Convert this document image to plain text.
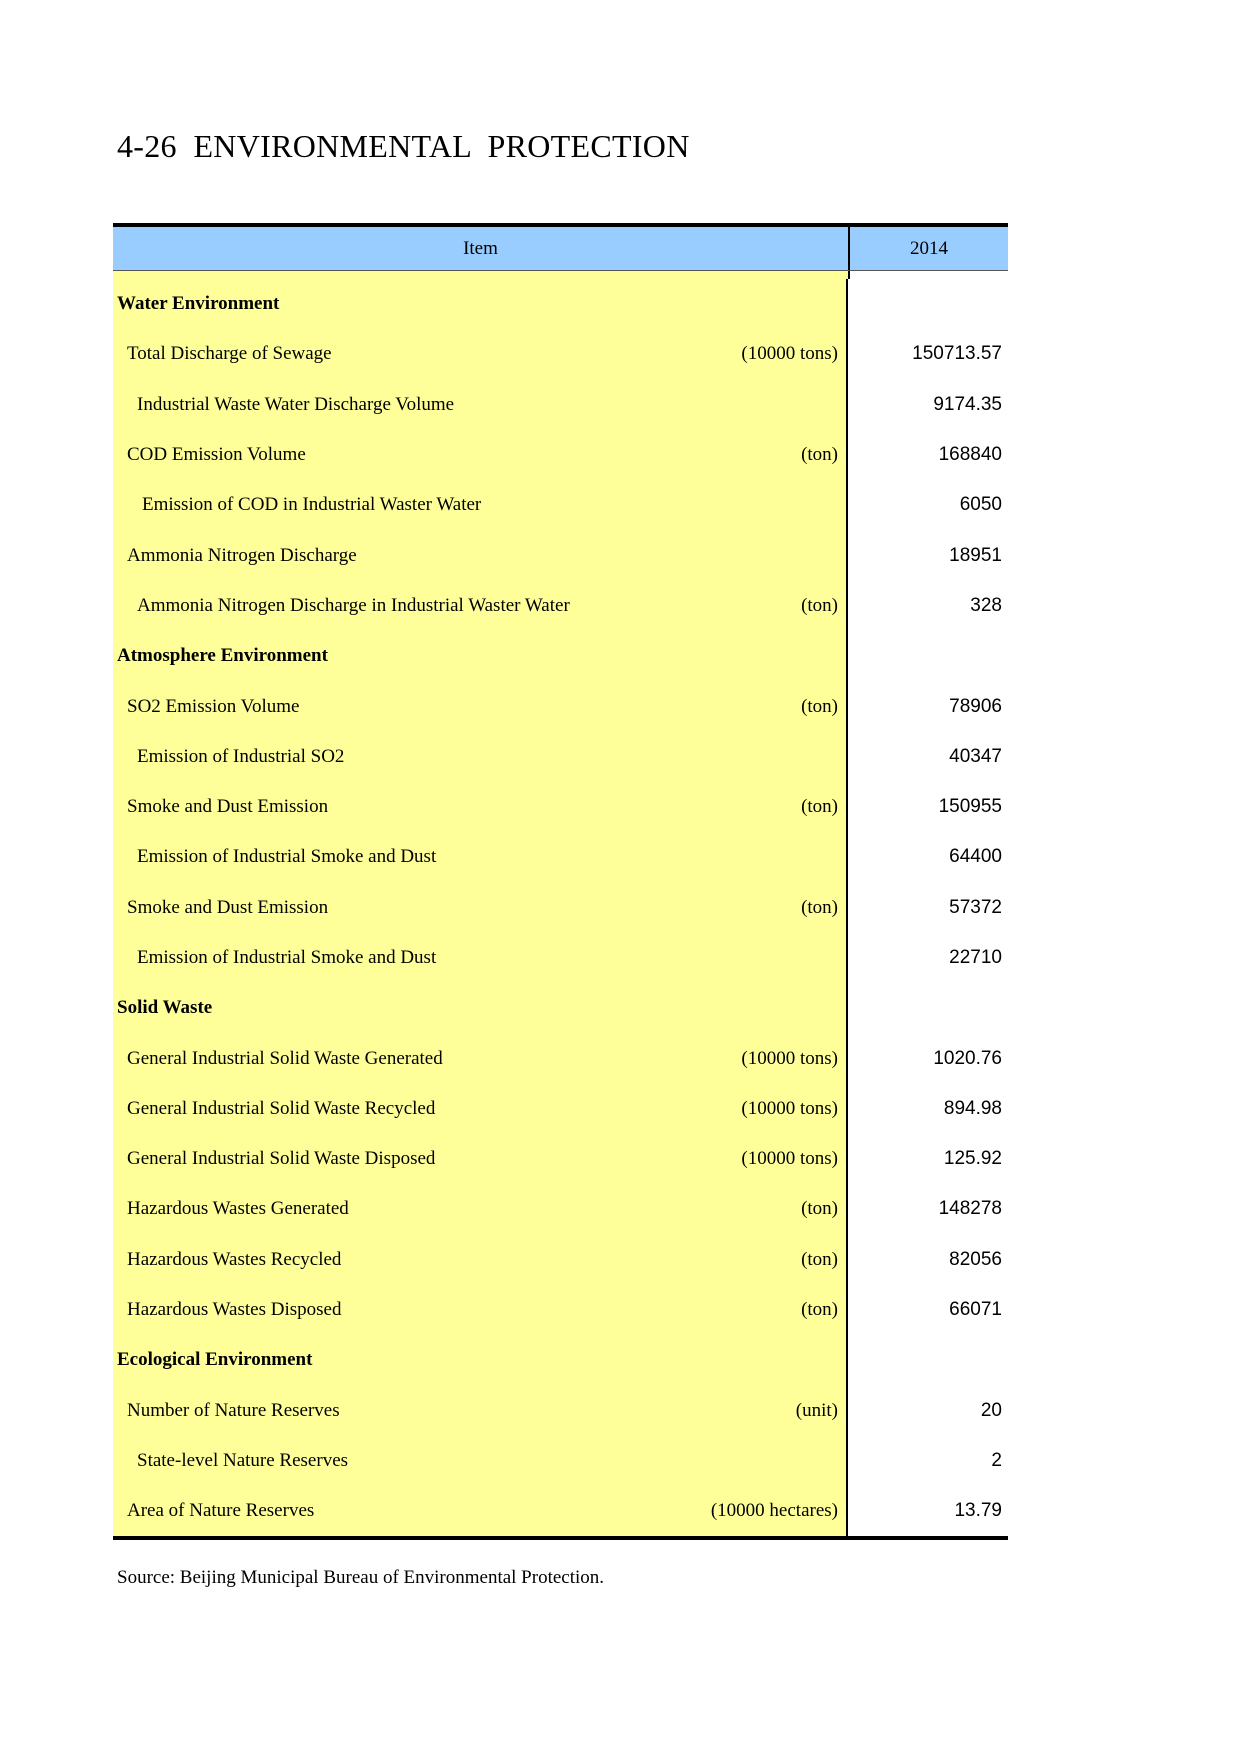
4-26  ENVIRONMENTAL  PROTECTION
Item	2014
Water Environment
Total Discharge of Sewage	(10000 tons)	150713.57
Industrial Waste Water Discharge Volume	9174.35
COD Emission Volume	(ton)	168840
Emission of COD in Industrial Waster Water	6050
Ammonia Nitrogen Discharge	18951
Ammonia Nitrogen Discharge in Industrial Waster Water	(ton)	328
Atmosphere Environment
SO2 Emission Volume	(ton)	78906
Emission of Industrial SO2	40347
Smoke and Dust Emission	(ton)	150955
Emission of Industrial Smoke and Dust	64400
Smoke and Dust Emission	(ton)	57372
Emission of Industrial Smoke and Dust	22710
Solid Waste
General Industrial Solid Waste Generated	(10000 tons)	1020.76
General Industrial Solid Waste Recycled	(10000 tons)	894.98
General Industrial Solid Waste Disposed	(10000 tons)	125.92
Hazardous Wastes Generated	(ton)	148278
Hazardous Wastes Recycled	(ton)	82056
Hazardous Wastes Disposed	(ton)	66071
Ecological Environment
Number of Nature Reserves	(unit)	20
State-level Nature Reserves	2
Area of Nature Reserves	(10000 hectares)	13.79
Source: Beijing Municipal Bureau of Environmental Protection.
